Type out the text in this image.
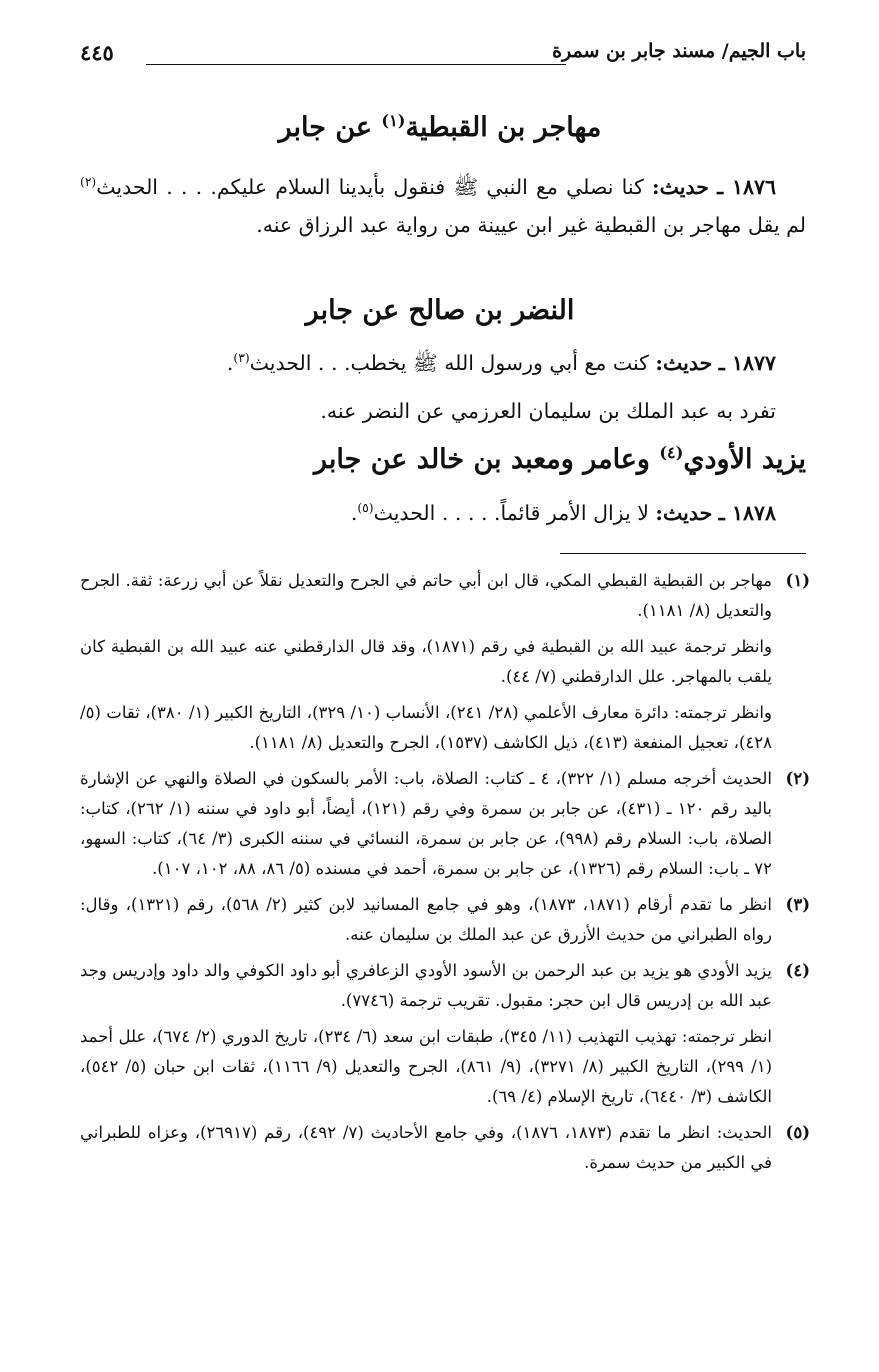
باب الجيم/ مسند جابر بن سمرة
٤٤٥
مهاجر بن القبطية$^{(١)}$ عن جابر
١٨٧٦ ـ حديث: كنا نصلي مع النبي ﷺ فنقول بأيدينا السلام عليكم. . . . الحديث$^{(٢)}$ لم يقل مهاجر بن القبطية غير ابن عيينة من رواية عبد الرزاق عنه.
النضر بن صالح عن جابر
١٨٧٧ ـ حديث: كنت مع أبي ورسول الله ﷺ يخطب. . . الحديث$^{(٣)}$.
تفرد به عبد الملك بن سليمان العرزمي عن النضر عنه.
يزيد الأودي$^{(٤)}$ وعامر ومعبد بن خالد عن جابر
١٨٧٨ ـ حديث: لا يزال الأمر قائماً. . . . . الحديث$^{(٥)}$.
(١)

مهاجر بن القبطية القبطي المكي، قال ابن أبي حاتم في الجرح والتعديل نقلاً عن أبي زرعة: ثقة. الجرح والتعديل (٨/ ١١٨١).

وانظر ترجمة عبيد الله بن القبطية في رقم (١٨٧١)، وقد قال الدارقطني عنه عبيد الله بن القبطية كان يلقب بالمهاجر. علل الدارقطني (٧/ ٤٤).

وانظر ترجمته: دائرة معارف الأعلمي (٢٨/ ٢٤١)، الأنساب (١٠/ ٣٢٩)، التاريخ الكبير (١/ ٣٨٠)، ثقات (٥/ ٤٢٨)، تعجيل المنفعة (٤١٣)، ذيل الكاشف (١٥٣٧)، الجرح والتعديل (٨/ ١١٨١).

(٢)

الحديث أخرجه مسلم (١/ ٣٢٢)، ٤ ـ كتاب: الصلاة، باب: الأمر بالسكون في الصلاة والنهي عن الإشارة باليد رقم ١٢٠ ـ (٤٣١)، عن جابر بن سمرة وفي رقم (١٢١)، أيضاً، أبو داود في سننه (١/ ٢٦٢)، كتاب: الصلاة، باب: السلام رقم (٩٩٨)، عن جابر بن سمرة، النسائي في سننه الكبرى (٣/ ٦٤)، كتاب: السهو، ٧٢ ـ باب: السلام رقم (١٣٢٦)، عن جابر بن سمرة، أحمد في مسنده (٥/ ٨٦، ٨٨، ١٠٢، ١٠٧).

(٣)

انظر ما تقدم أرقام (١٨٧١، ١٨٧٣)، وهو في جامع المسانيد لابن كثير (٢/ ٥٦٨)، رقم (١٣٢١)، وقال: رواه الطبراني من حديث الأزرق عن عبد الملك بن سليمان عنه.

(٤)

يزيد الأودي هو يزيد بن عبد الرحمن بن الأسود الأودي الزعافري أبو داود الكوفي والد داود وإدريس وجد عبد الله بن إدريس قال ابن حجر: مقبول. تقريب ترجمة (٧٧٤٦).

انظر ترجمته: تهذيب التهذيب (١١/ ٣٤٥)، طبقات ابن سعد (٦/ ٢٣٤)، تاريخ الدوري (٢/ ٦٧٤)، علل أحمد (١/ ٢٩٩)، التاريخ الكبير (٨/ ٣٢٧١)، (٩/ ٨٦١)، الجرح والتعديل (٩/ ١١٦٦)، ثقات ابن حبان (٥/ ٥٤٢)، الكاشف (٣/ ٦٤٤٠)، تاريخ الإسلام (٤/ ٦٩).

(٥)

الحديث: انظر ما تقدم (١٨٧٣، ١٨٧٦)، وفي جامع الأحاديث (٧/ ٤٩٢)، رقم (٢٦٩١٧)، وعزاه للطبراني في الكبير من حديث سمرة.
